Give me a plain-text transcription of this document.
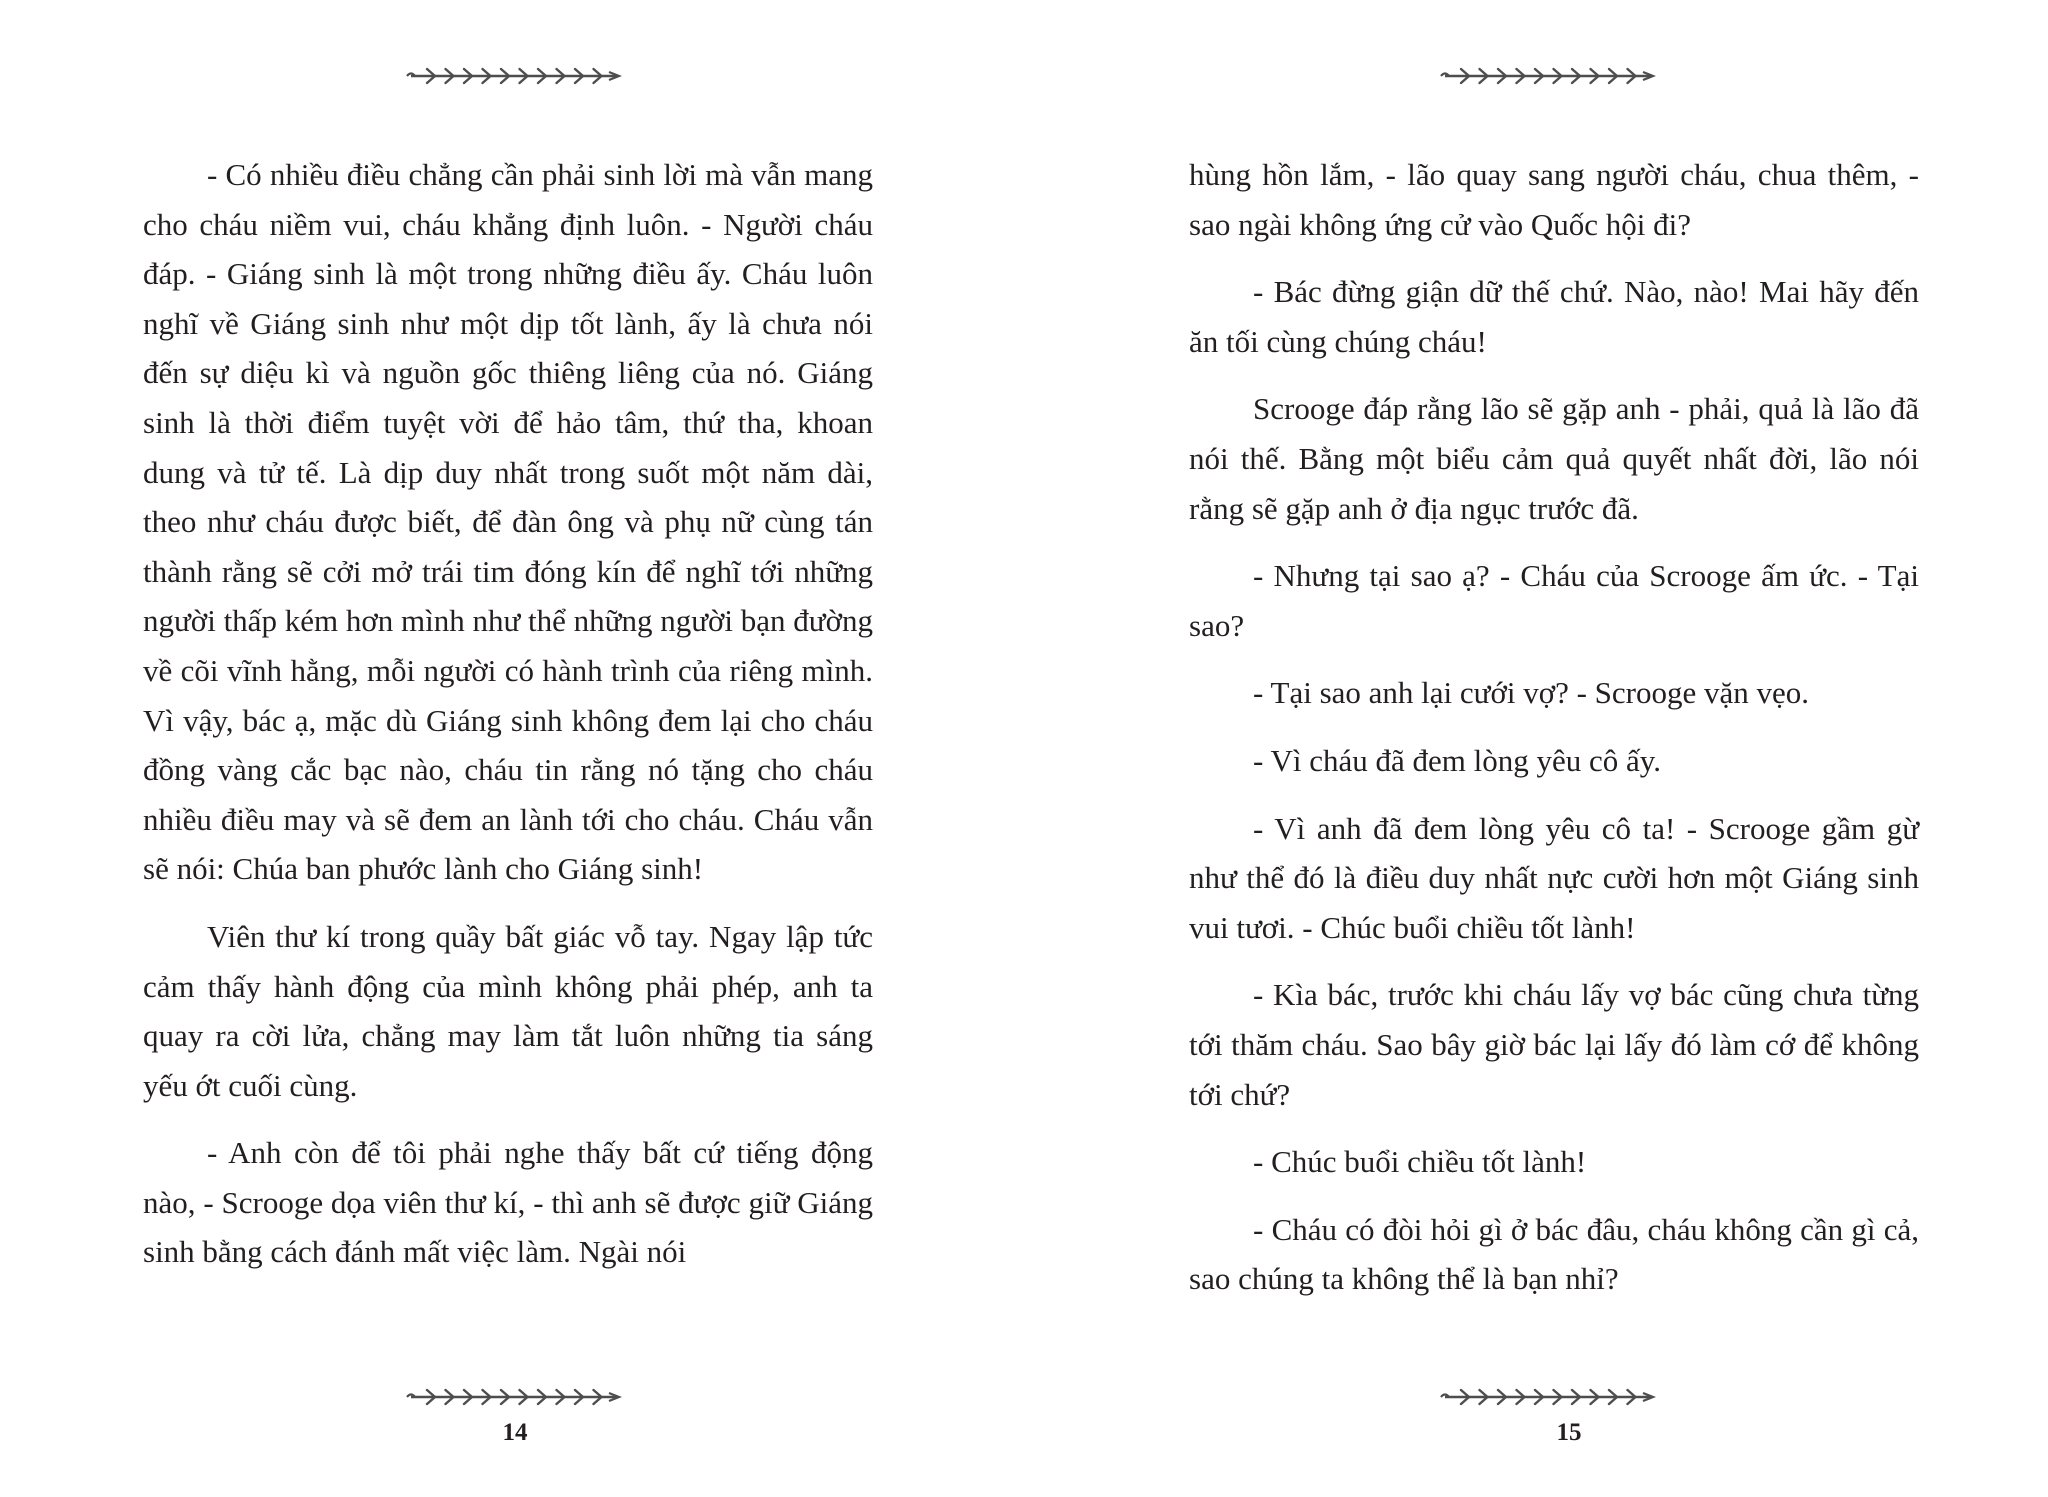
- Có nhiều điều chẳng cần phải sinh lời mà vẫn mang cho cháu niềm vui, cháu khẳng định luôn. - Người cháu đáp. - Giáng sinh là một trong những điều ấy. Cháu luôn nghĩ về Giáng sinh như một dịp tốt lành, ấy là chưa nói đến sự diệu kì và nguồn gốc thiêng liêng của nó. Giáng sinh là thời điểm tuyệt vời để hảo tâm, thứ tha, khoan dung và tử tế. Là dịp duy nhất trong suốt một năm dài, theo như cháu được biết, để đàn ông và phụ nữ cùng tán thành rằng sẽ cởi mở trái tim đóng kín để nghĩ tới những người thấp kém hơn mình như thể những người bạn đường về cõi vĩnh hằng, mỗi người có hành trình của riêng mình. Vì vậy, bác ạ, mặc dù Giáng sinh không đem lại cho cháu đồng vàng cắc bạc nào, cháu tin rằng nó tặng cho cháu nhiều điều may và sẽ đem an lành tới cho cháu. Cháu vẫn sẽ nói: Chúa ban phước lành cho Giáng sinh!

Viên thư kí trong quầy bất giác vỗ tay. Ngay lập tức cảm thấy hành động của mình không phải phép, anh ta quay ra cời lửa, chẳng may làm tắt luôn những tia sáng yếu ớt cuối cùng.

- Anh còn để tôi phải nghe thấy bất cứ tiếng động nào, - Scrooge dọa viên thư kí, - thì anh sẽ được giữ Giáng sinh bằng cách đánh mất việc làm. Ngài nói

14

hùng hồn lắm, - lão quay sang người cháu, chua thêm, - sao ngài không ứng cử vào Quốc hội đi?

- Bác đừng giận dữ thế chứ. Nào, nào! Mai hãy đến ăn tối cùng chúng cháu!

Scrooge đáp rằng lão sẽ gặp anh - phải, quả là lão đã nói thế. Bằng một biểu cảm quả quyết nhất đời, lão nói rằng sẽ gặp anh ở địa ngục trước đã.

- Nhưng tại sao ạ? - Cháu của Scrooge ấm ức. - Tại sao?

- Tại sao anh lại cưới vợ? - Scrooge vặn vẹo.

- Vì cháu đã đem lòng yêu cô ấy.

- Vì anh đã đem lòng yêu cô ta! - Scrooge gầm gừ như thể đó là điều duy nhất nực cười hơn một Giáng sinh vui tươi. - Chúc buổi chiều tốt lành!

- Kìa bác, trước khi cháu lấy vợ bác cũng chưa từng tới thăm cháu. Sao bây giờ bác lại lấy đó làm cớ để không tới chứ?

- Chúc buổi chiều tốt lành!

- Cháu có đòi hỏi gì ở bác đâu, cháu không cần gì cả, sao chúng ta không thể là bạn nhỉ?

15
